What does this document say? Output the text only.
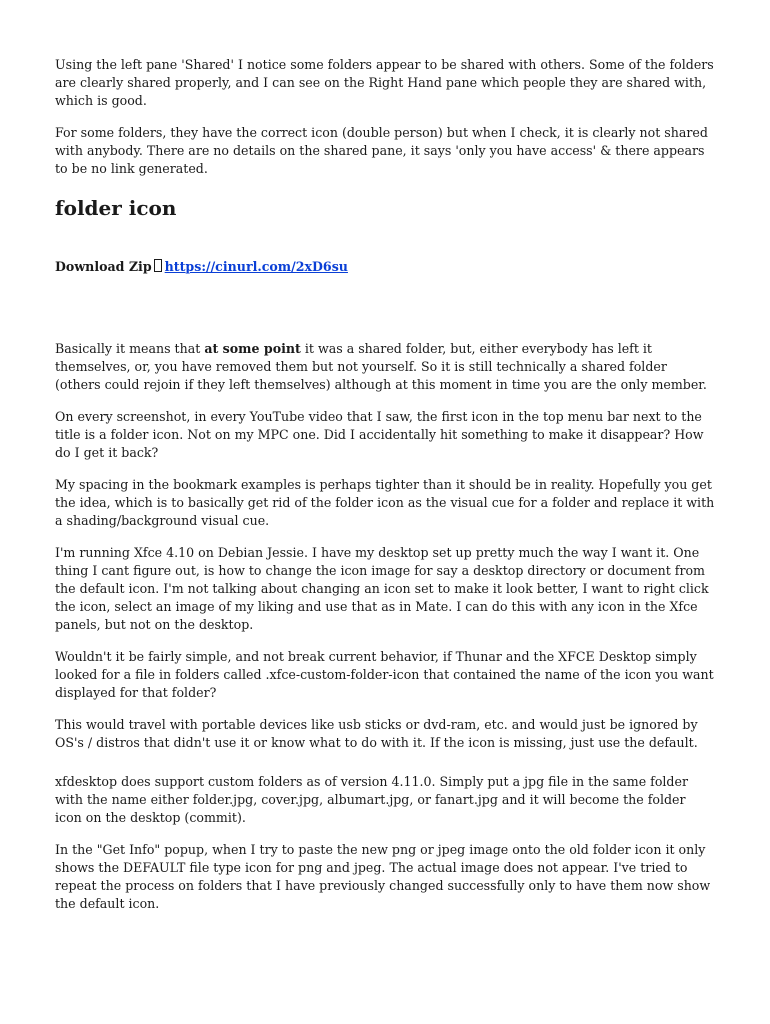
Using the left pane 'Shared' I notice some folders appear to be shared with others. Some of the folders are clearly shared properly, and I can see on the Right Hand pane which people they are shared with, which is good.

For some folders, they have the correct icon (double person) but when I check, it is clearly not shared with anybody. There are no details on the shared pane, it says 'only you have access' & there appears to be no link generated.

folder icon
Download Zip https://cinurl.com/2xD6su

Basically it means that at some point it was a shared folder, but, either everybody has left it themselves, or, you have removed them but not yourself. So it is still technically a shared folder (others could rejoin if they left themselves) although at this moment in time you are the only member.

On every screenshot, in every YouTube video that I saw, the first icon in the top menu bar next to the title is a folder icon. Not on my MPC one. Did I accidentally hit something to make it disappear? How do I get it back?

My spacing in the bookmark examples is perhaps tighter than it should be in reality. Hopefully you get the idea, which is to basically get rid of the folder icon as the visual cue for a folder and replace it with a shading/background visual cue.

I'm running Xfce 4.10 on Debian Jessie. I have my desktop set up pretty much the way I want it. One thing I cant figure out, is how to change the icon image for say a desktop directory or document from the default icon. I'm not talking about changing an icon set to make it look better, I want to right click the icon, select an image of my liking and use that as in Mate. I can do this with any icon in the Xfce panels, but not on the desktop.

Wouldn't it be fairly simple, and not break current behavior, if Thunar and the XFCE Desktop simply looked for a file in folders called .xfce-custom-folder-icon that contained the name of the icon you want displayed for that folder?

This would travel with portable devices like usb sticks or dvd-ram, etc. and would just be ignored by OS's / distros that didn't use it or know what to do with it. If the icon is missing, just use the default.

xfdesktop does support custom folders as of version 4.11.0. Simply put a jpg file in the same folder with the name either folder.jpg, cover.jpg, albumart.jpg, or fanart.jpg and it will become the folder icon on the desktop (commit).

In the "Get Info" popup, when I try to paste the new png or jpeg image onto the old folder icon it only shows the DEFAULT file type icon for png and jpeg. The actual image does not appear. I've tried to repeat the process on folders that I have previously changed successfully only to have them now show the default icon.
